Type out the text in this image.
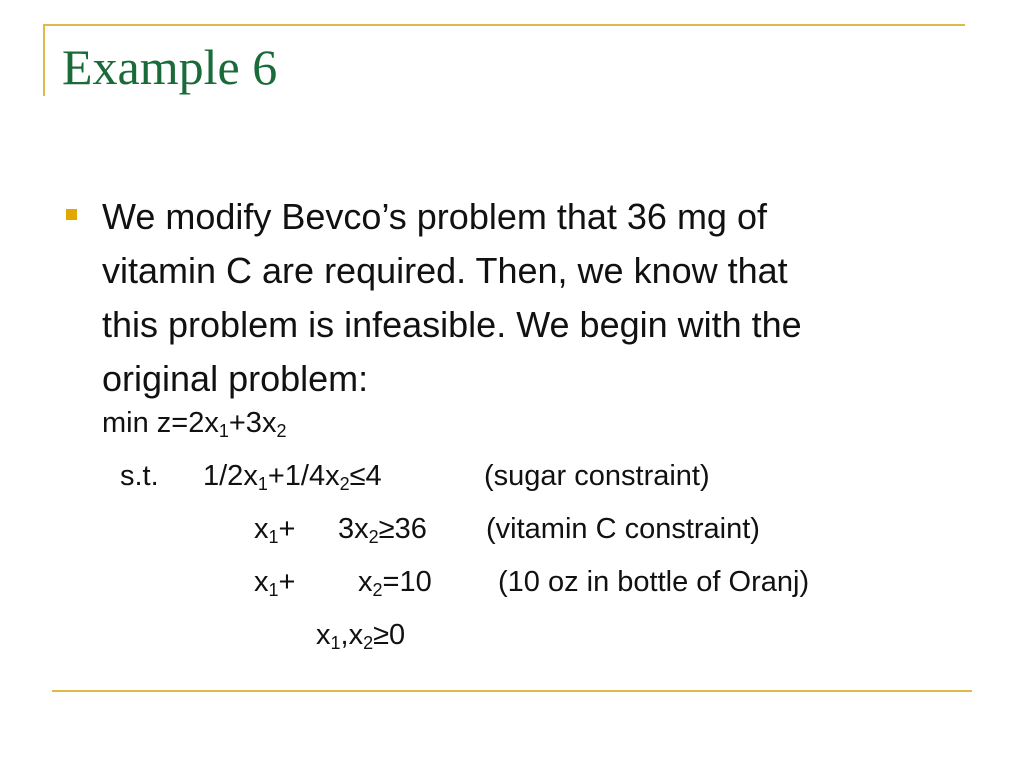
Example 6
We modify Bevco’s problem that 36 mg of
vitamin C are required. Then, we know that
this problem is infeasible. We begin with the
original problem:
$\min z=2x_1+3x_2$
s.t. $1/2x_1+1/4x_2\le 4$	(sugar constraint)
$x_1+ 3x_2\ge 36$ (vitamin C constraint)
$x_1+ x_2=10$ (10 oz in bottle of Oranj)
$x_1,x_2\ge 0$
